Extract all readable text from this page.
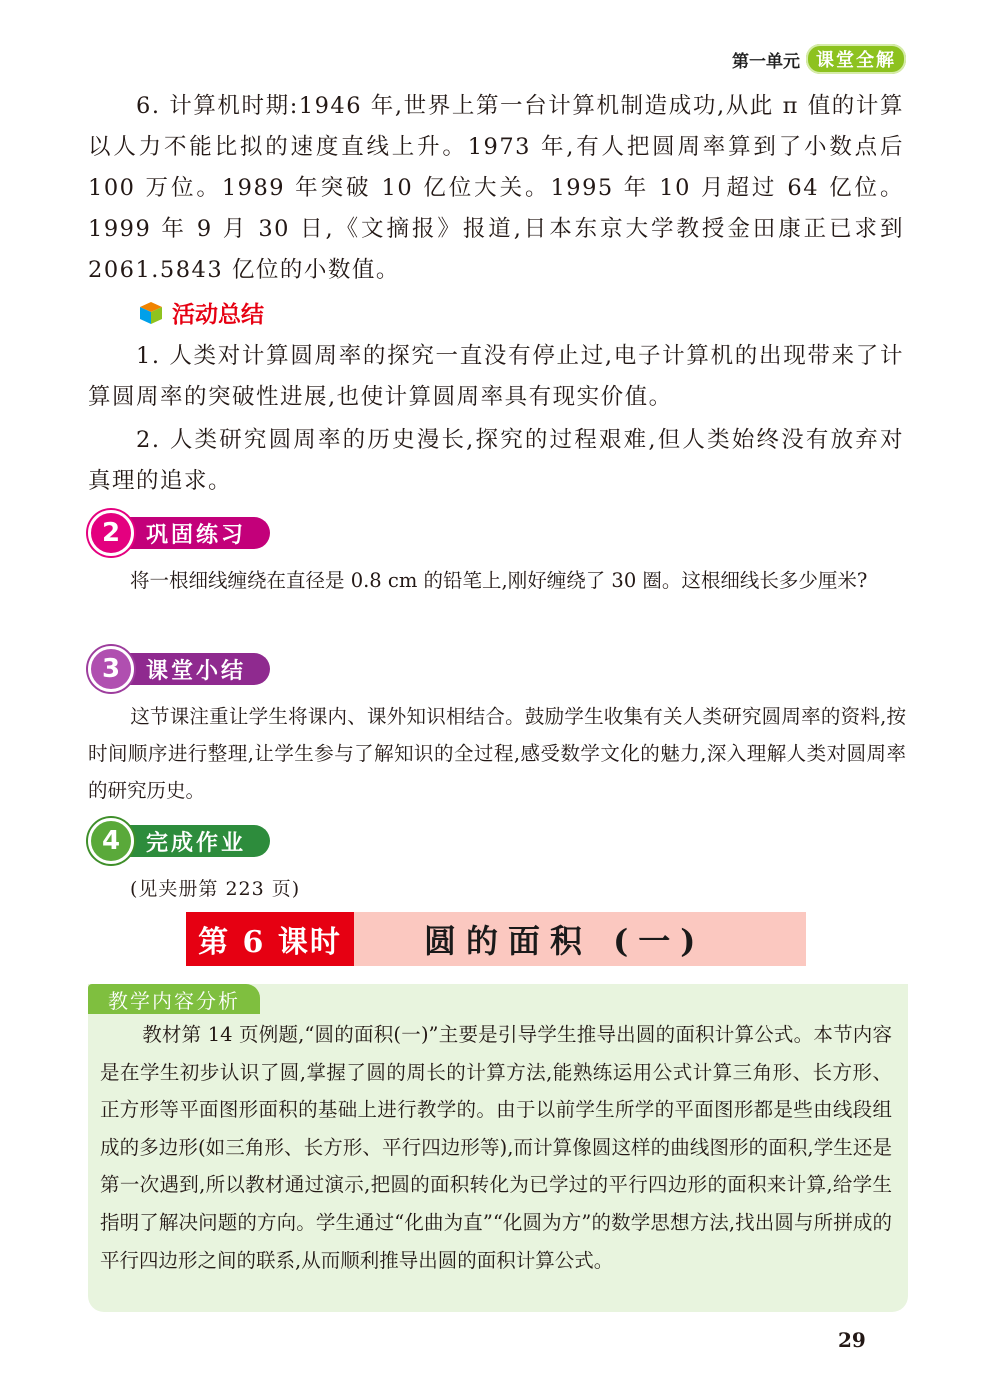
第一单元 课堂全解

6. 计算机时期:1946 年,世界上第一台计算机制造成功,从此 π 值的计算以人力不能比拟的速度直线上升。1973 年,有人把圆周率算到了小数点后 100 万位。1989 年突破 10 亿位大关。1995 年 10 月超过 64 亿位。1999 年 9 月 30 日,《文摘报》报道,日本东京大学教授金田康正已求到 2061.5843 亿位的小数值。

活动总结

1. 人类对计算圆周率的探究一直没有停止过,电子计算机的出现带来了计算圆周率的突破性进展,也使计算圆周率具有现实价值。

2. 人类研究圆周率的历史漫长,探究的过程艰难,但人类始终没有放弃对真理的追求。

2	巩固练习

将一根细线缠绕在直径是 0.8 cm 的铅笔上,刚好缠绕了 30 圈。这根细线长多少厘米?

3	课堂小结

这节课注重让学生将课内、课外知识相结合。鼓励学生收集有关人类研究圆周率的资料,按时间顺序进行整理,让学生参与了解知识的全过程,感受数学文化的魅力,深入理解人类对圆周率的研究历史。

4	完成作业

(见夹册第 223 页)

第 6 课时	圆的面积 (一)
教学内容分析

教材第 14 页例题,“圆的面积(一)”主要是引导学生推导出圆的面积计算公式。本节内容是在学生初步认识了圆,掌握了圆的周长的计算方法,能熟练运用公式计算三角形、长方形、正方形等平面图形面积的基础上进行教学的。由于以前学生所学的平面图形都是些由线段组成的多边形(如三角形、长方形、平行四边形等),而计算像圆这样的曲线图形的面积,学生还是第一次遇到,所以教材通过演示,把圆的面积转化为已学过的平行四边形的面积来计算,给学生指明了解决问题的方向。学生通过“化曲为直”“化圆为方”的数学思想方法,找出圆与所拼成的平行四边形之间的联系,从而顺利推导出圆的面积计算公式。

29
